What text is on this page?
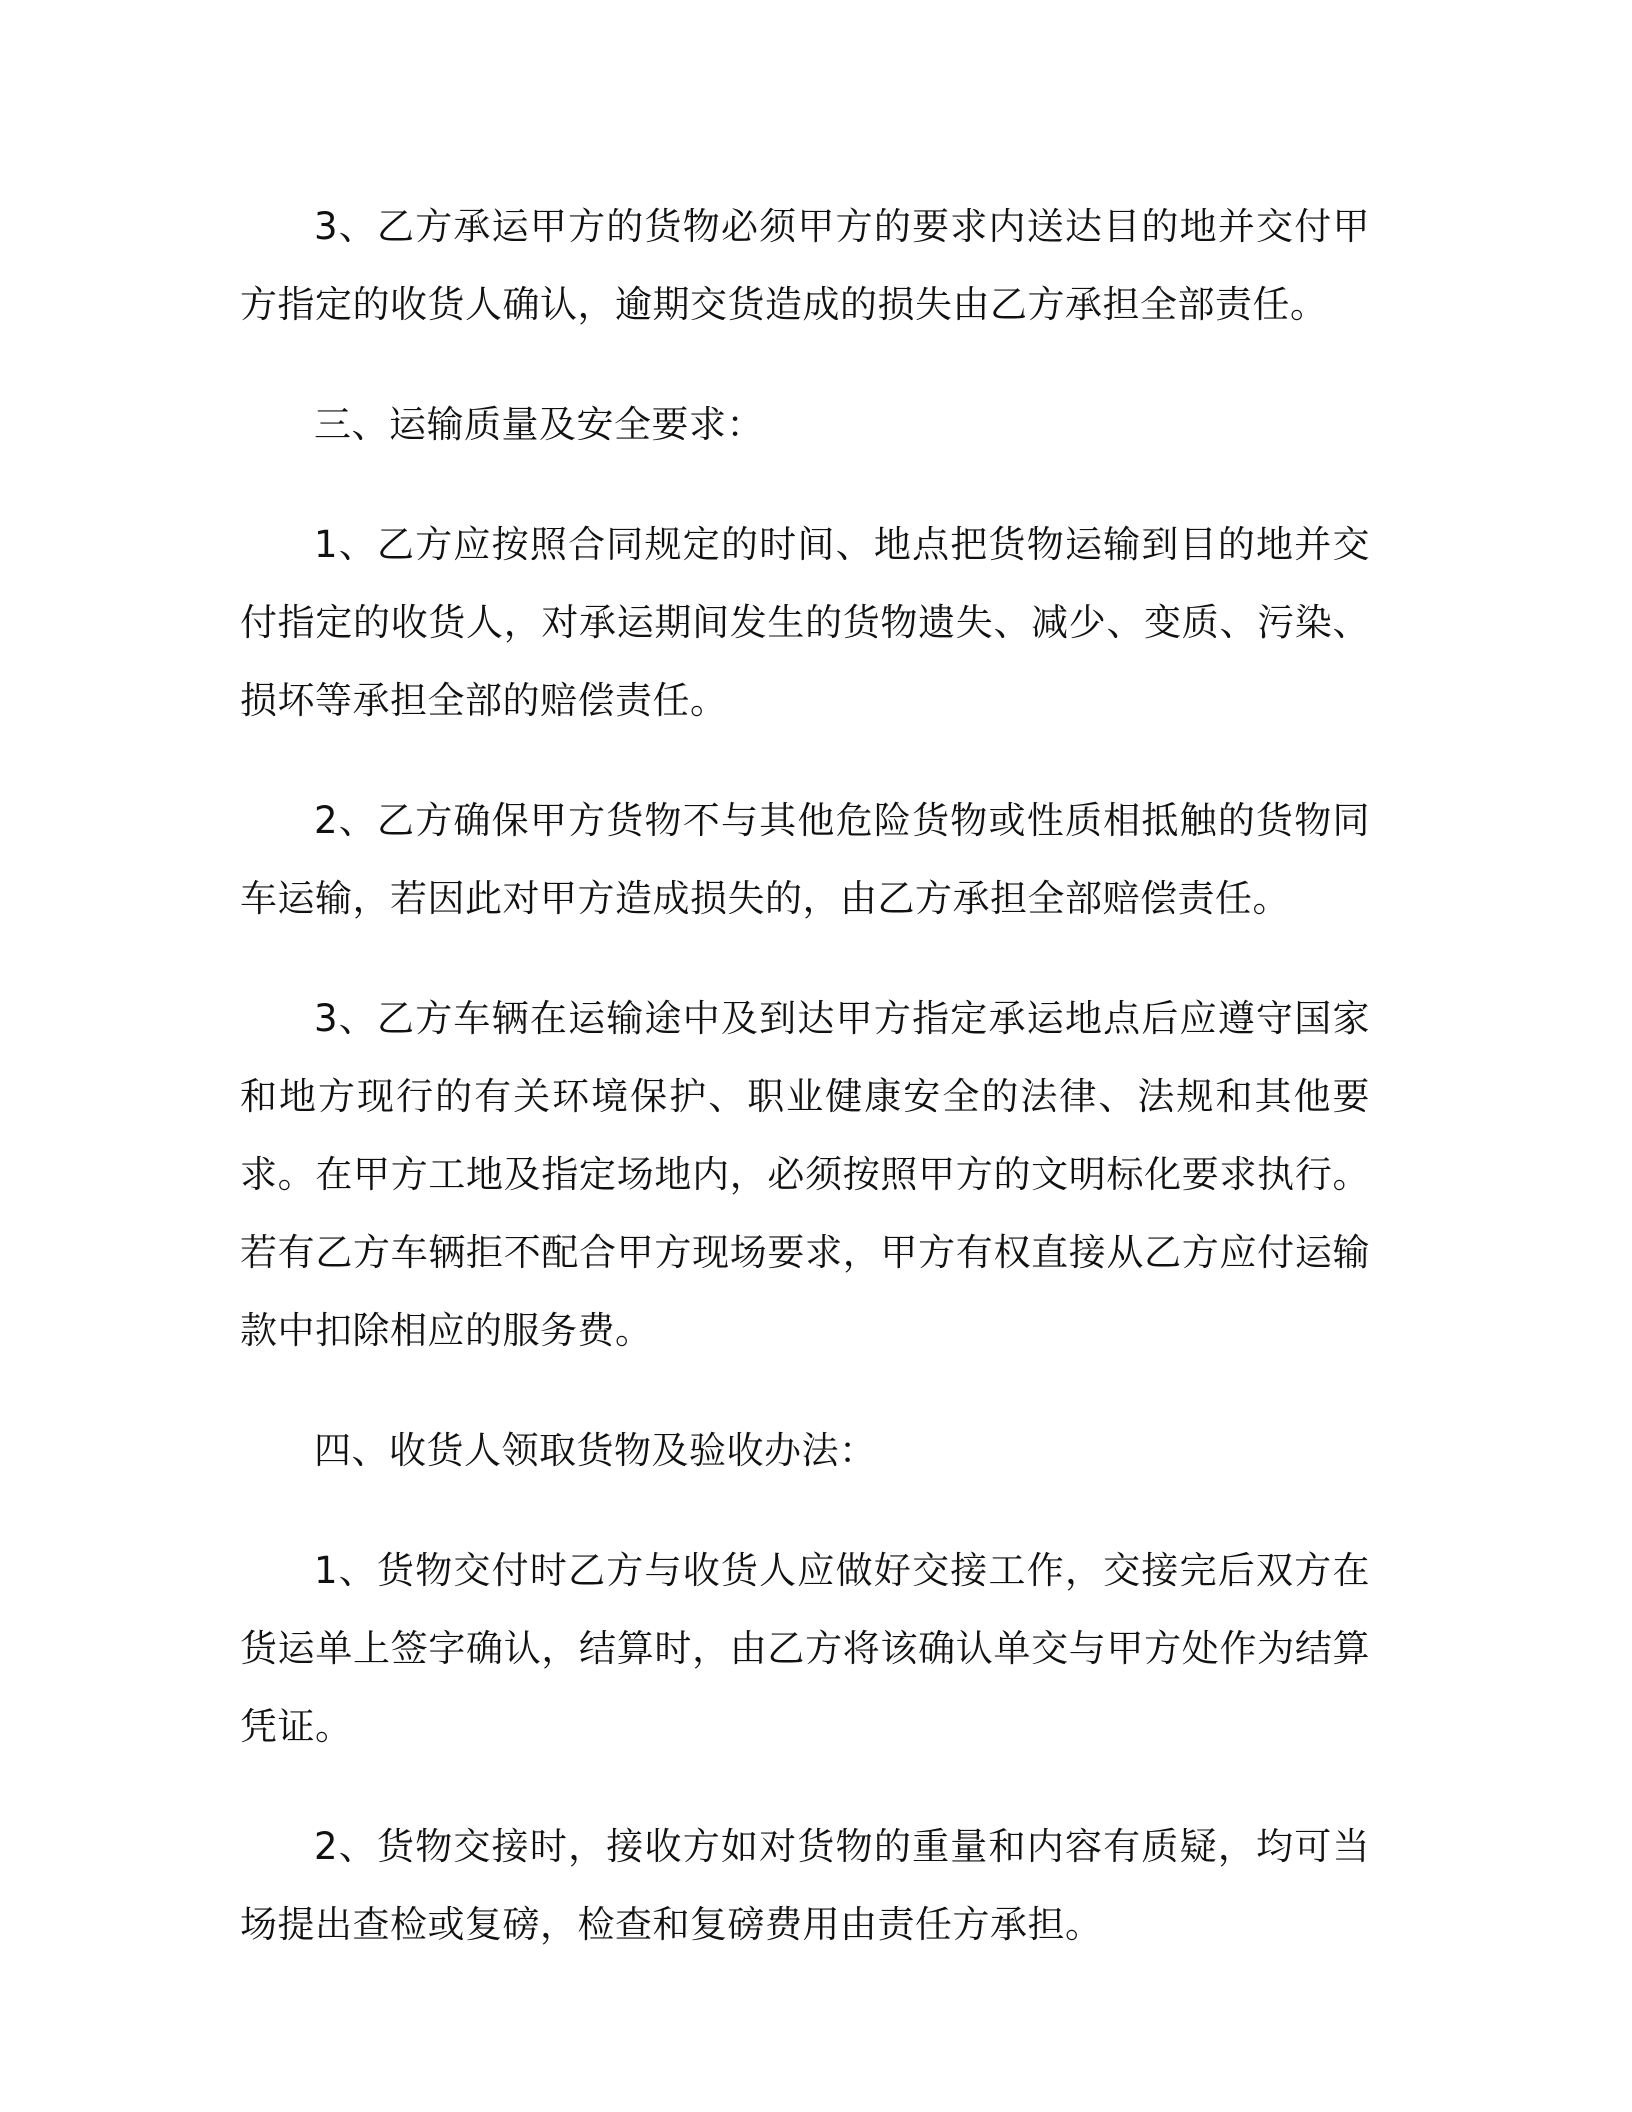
3、乙方承运甲方的货物必须甲方的要求内送达目的地并交付甲方指定的收货人确认，逾期交货造成的损失由乙方承担全部责任。

三、运输质量及安全要求：

1、乙方应按照合同规定的时间、地点把货物运输到目的地并交付指定的收货人，对承运期间发生的货物遗失、减少、变质、污染、损坏等承担全部的赔偿责任。

2、乙方确保甲方货物不与其他危险货物或性质相抵触的货物同车运输，若因此对甲方造成损失的，由乙方承担全部赔偿责任。

3、乙方车辆在运输途中及到达甲方指定承运地点后应遵守国家和地方现行的有关环境保护、职业健康安全的法律、法规和其他要求。在甲方工地及指定场地内，必须按照甲方的文明标化要求执行。若有乙方车辆拒不配合甲方现场要求，甲方有权直接从乙方应付运输款中扣除相应的服务费。

四、收货人领取货物及验收办法：

1、货物交付时乙方与收货人应做好交接工作，交接完后双方在货运单上签字确认，结算时，由乙方将该确认单交与甲方处作为结算凭证。

2、货物交接时，接收方如对货物的重量和内容有质疑，均可当场提出查检或复磅，检查和复磅费用由责任方承担。
